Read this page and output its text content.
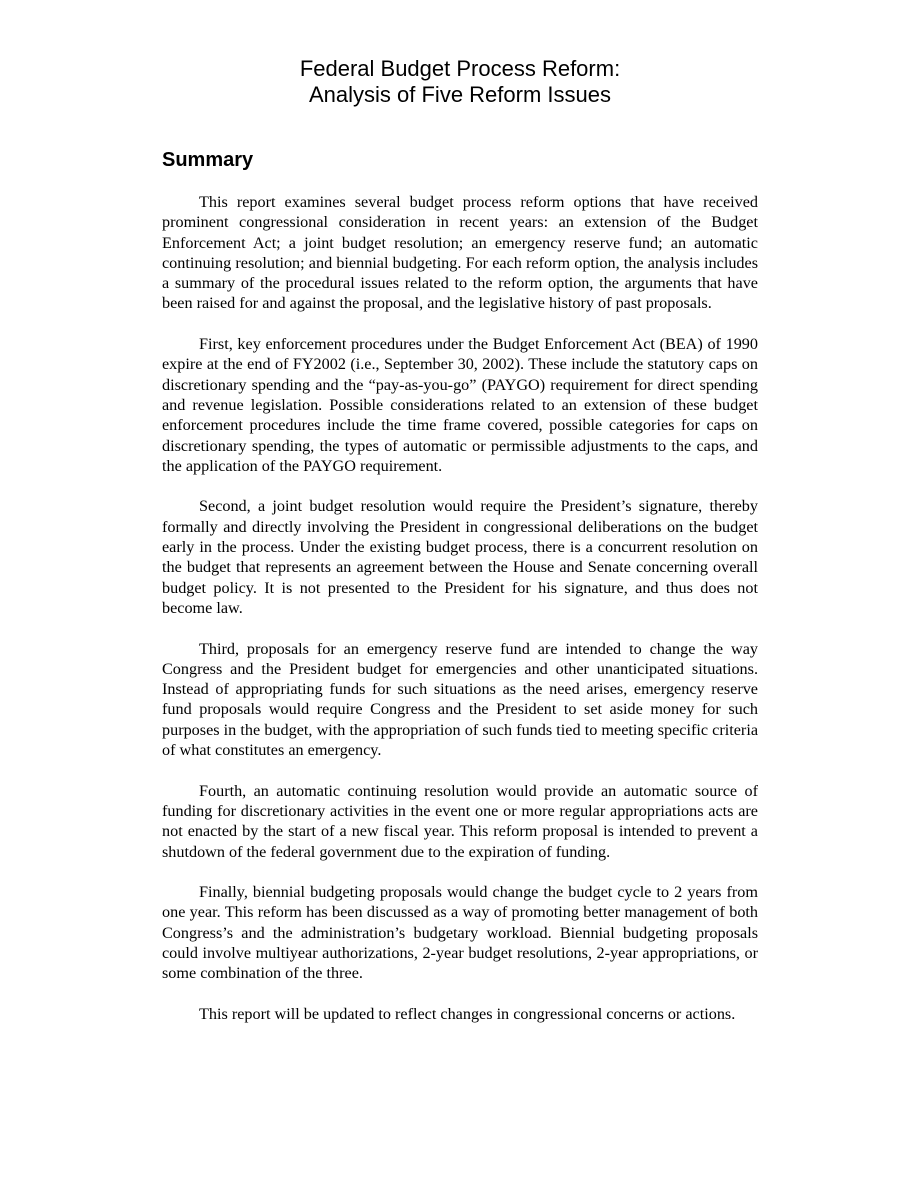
Federal Budget Process Reform:
Analysis of Five Reform Issues
Summary

This report examines several budget process reform options that have received prominent congressional consideration in recent years: an extension of the Budget Enforcement Act; a joint budget resolution; an emergency reserve fund; an automatic continuing resolution; and biennial budgeting. For each reform option, the analysis includes a summary of the procedural issues related to the reform option, the arguments that have been raised for and against the proposal, and the legislative history of past proposals.

First, key enforcement procedures under the Budget Enforcement Act (BEA) of 1990 expire at the end of FY2002 (i.e., September 30, 2002). These include the statutory caps on discretionary spending and the “pay-as-you-go” (PAYGO) requirement for direct spending and revenue legislation. Possible considerations related to an extension of these budget enforcement procedures include the time frame covered, possible categories for caps on discretionary spending, the types of automatic or permissible adjustments to the caps, and the application of the PAYGO requirement.

Second, a joint budget resolution would require the President’s signature, thereby formally and directly involving the President in congressional deliberations on the budget early in the process. Under the existing budget process, there is a concurrent resolution on the budget that represents an agreement between the House and Senate concerning overall budget policy. It is not presented to the President for his signature, and thus does not become law.

Third, proposals for an emergency reserve fund are intended to change the way Congress and the President budget for emergencies and other unanticipated situations. Instead of appropriating funds for such situations as the need arises, emergency reserve fund proposals would require Congress and the President to set aside money for such purposes in the budget, with the appropriation of such funds tied to meeting specific criteria of what constitutes an emergency.

Fourth, an automatic continuing resolution would provide an automatic source of funding for discretionary activities in the event one or more regular appropriations acts are not enacted by the start of a new fiscal year. This reform proposal is intended to prevent a shutdown of the federal government due to the expiration of funding.

Finally, biennial budgeting proposals would change the budget cycle to 2 years from one year. This reform has been discussed as a way of promoting better management of both Congress’s and the administration’s budgetary workload. Biennial budgeting proposals could involve multiyear authorizations, 2-year budget resolutions, 2-year appropriations, or some combination of the three.

This report will be updated to reflect changes in congressional concerns or actions.
